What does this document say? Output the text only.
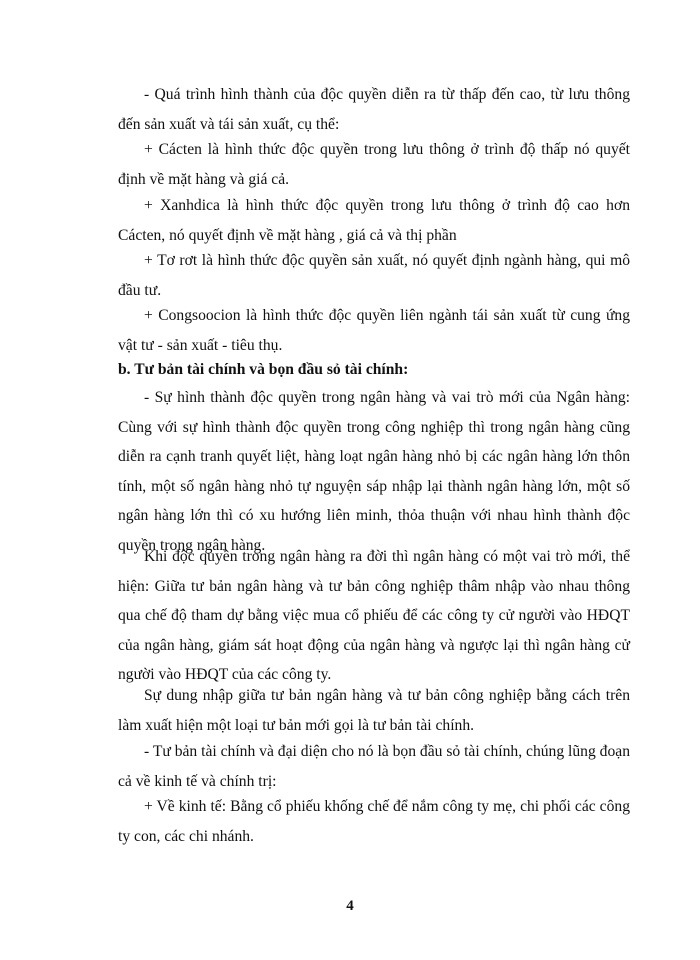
- Quá trình hình thành của độc quyền diễn ra từ thấp đến cao, từ lưu thông đến sản xuất và tái sản xuất, cụ thể:

+ Cácten là hình thức độc quyền trong lưu thông ở trình độ thấp nó quyết định về mặt hàng và giá cả.

+ Xanhdica là hình thức độc quyền trong lưu thông ở trình độ cao hơn Cácten, nó quyết định về mặt hàng , giá cả và thị phần

+ Tơ rơt là hình thức độc quyền sản xuất, nó quyết định ngành hàng, qui mô đầu tư.

+ Congsoocion là hình thức độc quyền liên ngành tái sản xuất từ cung ứng vật tư - sản xuất - tiêu thụ.

b. Tư bản tài chính và bọn đầu sỏ tài chính:

- Sự hình thành độc quyền trong ngân hàng và vai trò mới của Ngân hàng: Cùng với sự hình thành độc quyền trong công nghiệp thì trong ngân hàng cũng diễn ra cạnh tranh quyết liệt, hàng loạt ngân hàng nhỏ bị các ngân hàng lớn thôn tính, một số ngân hàng nhỏ tự nguyện sáp nhập lại thành ngân hàng lớn, một số ngân hàng lớn thì có xu hướng liên minh, thỏa thuận với nhau hình thành độc quyền trong ngân hàng.

Khi độc quyền trong ngân hàng ra đời thì ngân hàng có một vai trò mới, thể hiện: Giữa tư bản ngân hàng và tư bản công nghiệp thâm nhập vào nhau thông qua chế độ tham dự bằng việc mua cổ phiếu để các công ty cử người vào HĐQT của ngân hàng, giám sát hoạt động của ngân hàng và ngược lại thì ngân hàng cử người vào HĐQT của các công ty.

Sự dung nhập giữa tư bản ngân hàng và tư bản công nghiệp bằng cách trên làm xuất hiện một loại tư bản mới gọi là tư bản tài chính.

- Tư bản tài chính và đại diện cho nó là bọn đầu sỏ tài chính, chúng lũng đoạn cả về kinh tế và chính trị:

+ Về kinh tế: Bằng cổ phiếu khống chế để nắm công ty mẹ, chi phối các công ty con, các chi nhánh.

4
